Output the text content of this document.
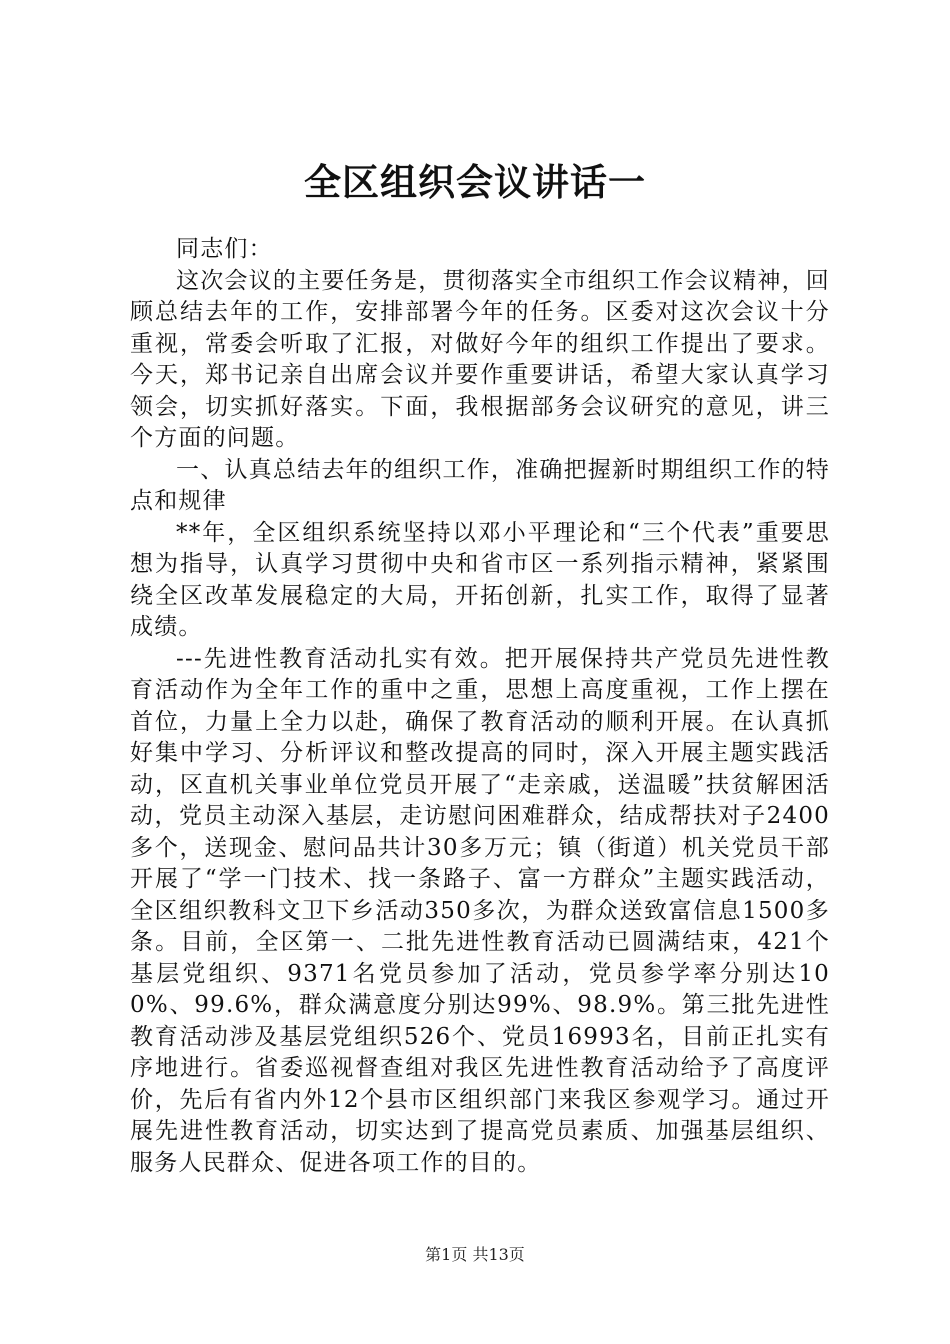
全区组织会议讲话一

同志们：

这次会议的主要任务是，贯彻落实全市组织工作会议精神，回顾总结去年的工作，安排部署今年的任务。区委对这次会议十分重视，常委会听取了汇报，对做好今年的组织工作提出了要求。今天，郑书记亲自出席会议并要作重要讲话，希望大家认真学习领会，切实抓好落实。下面，我根据部务会议研究的意见，讲三个方面的问题。

一、认真总结去年的组织工作，准确把握新时期组织工作的特点和规律

**年，全区组织系统坚持以邓小平理论和“三个代表”重要思想为指导，认真学习贯彻中央和省市区一系列指示精神，紧紧围绕全区改革发展稳定的大局，开拓创新，扎实工作，取得了显著成绩。

---先进性教育活动扎实有效。把开展保持共产党员先进性教育活动作为全年工作的重中之重，思想上高度重视，工作上摆在首位，力量上全力以赴，确保了教育活动的顺利开展。在认真抓好集中学习、分析评议和整改提高的同时，深入开展主题实践活动，区直机关事业单位党员开展了“走亲戚，送温暖”扶贫解困活动，党员主动深入基层，走访慰问困难群众，结成帮扶对子2400多个，送现金、慰问品共计30多万元；镇（街道）机关党员干部开展了“学一门技术、找一条路子、富一方群众”主题实践活动，全区组织教科文卫下乡活动350多次，为群众送致富信息1500多条。目前，全区第一、二批先进性教育活动已圆满结束，421个基层党组织、9371名党员参加了活动，党员参学率分别达100%、99.6%，群众满意度分别达99%、98.9%。第三批先进性教育活动涉及基层党组织526个、党员16993名，目前正扎实有序地进行。省委巡视督查组对我区先进性教育活动给予了高度评价，先后有省内外12个县市区组织部门来我区参观学习。通过开展先进性教育活动，切实达到了提高党员素质、加强基层组织、服务人民群众、促进各项工作的目的。

第1页 共13页
